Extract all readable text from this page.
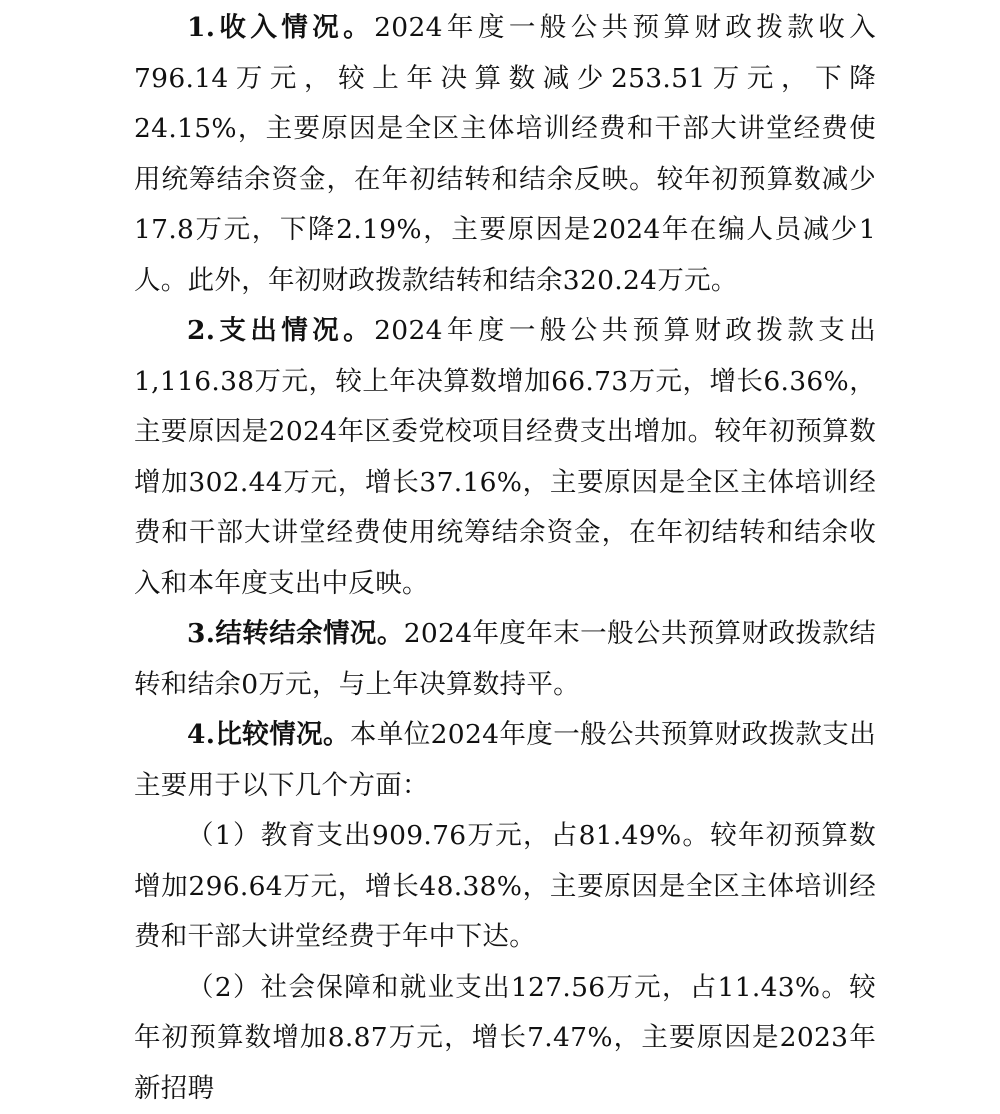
1.收入情况。2024年度一般公共预算财政拨款收入796.14万元，较上年决算数减少253.51万元，下降24.15%，主要原因是全区主体培训经费和干部大讲堂经费使用统筹结余资金，在年初结转和结余反映。较年初预算数减少17.8万元，下降2.19%，主要原因是2024年在编人员减少1人。此外，年初财政拨款结转和结余320.24万元。

2.支出情况。2024年度一般公共预算财政拨款支出1,116.38万元，较上年决算数增加66.73万元，增长6.36%，主要原因是2024年区委党校项目经费支出增加。较年初预算数增加302.44万元，增长37.16%，主要原因是全区主体培训经费和干部大讲堂经费使用统筹结余资金，在年初结转和结余收入和本年度支出中反映。

3.结转结余情况。2024年度年末一般公共预算财政拨款结转和结余0万元，与上年决算数持平。

4.比较情况。本单位2024年度一般公共预算财政拨款支出主要用于以下几个方面：

（1）教育支出909.76万元，占81.49%。较年初预算数增加296.64万元，增长48.38%，主要原因是全区主体培训经费和干部大讲堂经费于年中下达。

（2）社会保障和就业支出127.56万元，占11.43%。较年初预算数增加8.87万元，增长7.47%，主要原因是2023年新招聘
